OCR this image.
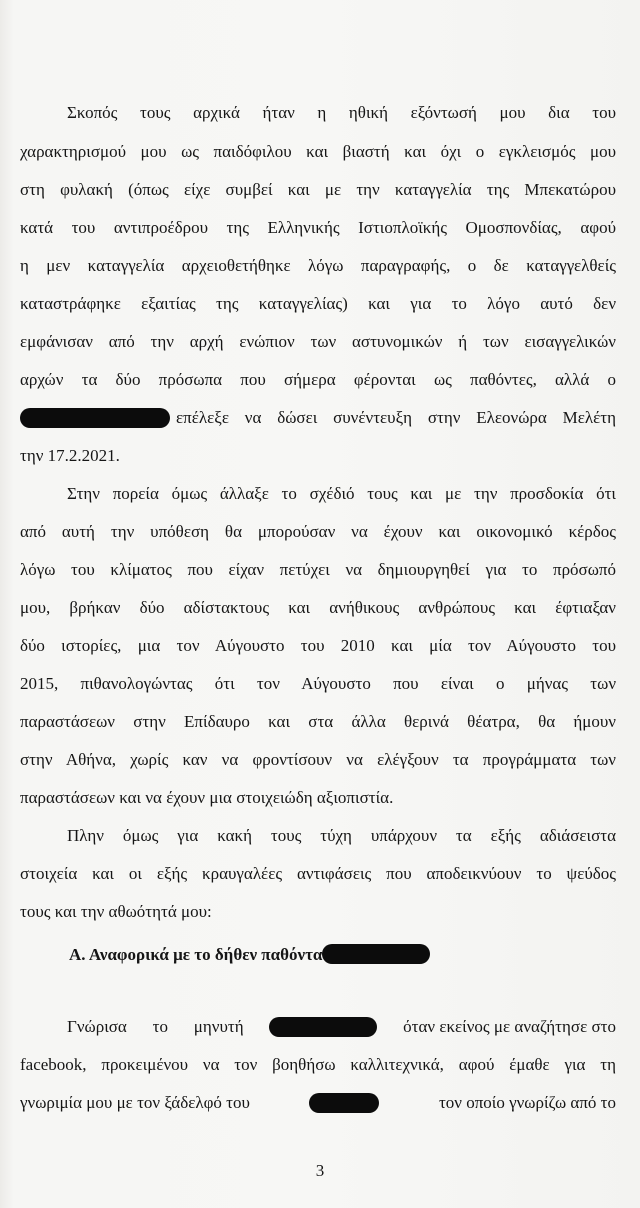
Σκοπός τους αρχικά ήταν η ηθική εξόντωσή μου δια του
χαρακτηρισμού μου ως παιδόφιλου και βιαστή και όχι ο εγκλεισμός μου
στη φυλακή (όπως είχε συμβεί και με την καταγγελία της Μπεκατώρου
κατά του αντιπροέδρου της Ελληνικής Ιστιοπλοϊκής Ομοσπονδίας, αφού
η μεν καταγγελία αρχειοθετήθηκε λόγω παραγραφής, ο δε καταγγελθείς
καταστράφηκε εξαιτίας της καταγγελίας) και για το λόγο αυτό δεν
εμφάνισαν από την αρχή ενώπιον των αστυνομικών ή των εισαγγελικών
αρχών τα δύο πρόσωπα που σήμερα φέρονται ως παθόντες, αλλά ο
επέλεξε να δώσει συνέντευξη στην Ελεονώρα Μελέτη
την 17.2.2021.
Στην πορεία όμως άλλαξε το σχέδιό τους και με την προσδοκία ότι
από αυτή την υπόθεση θα μπορούσαν να έχουν και οικονομικό κέρδος
λόγω του κλίματος που είχαν πετύχει να δημιουργηθεί για το πρόσωπό
μου, βρήκαν δύο αδίστακτους και ανήθικους ανθρώπους και έφτιαξαν
δύο ιστορίες, μια τον Αύγουστο του 2010 και μία τον Αύγουστο του
2015, πιθανολογώντας ότι τον Αύγουστο που είναι ο μήνας των
παραστάσεων στην Επίδαυρο και στα άλλα θερινά θέατρα, θα ήμουν
στην Αθήνα, χωρίς καν να φροντίσουν να ελέγξουν τα προγράμματα των
παραστάσεων και να έχουν μια στοιχειώδη αξιοπιστία.
Πλην όμως για κακή τους τύχη υπάρχουν τα εξής αδιάσειστα
στοιχεία και οι εξής κραυγαλέες αντιφάσεις που αποδεικνύουν το ψεύδος
τους και την αθωότητά μου:
Α. Αναφορικά με το δήθεν παθόντα
Γνώρισα το μηνυτή	όταν εκείνος με αναζήτησε στο
facebook, προκειμένου να τον βοηθήσω καλλιτεχνικά, αφού έμαθε για τη
γνωριμία μου με τον ξάδελφό του	τον οποίο γνωρίζω από το
3
